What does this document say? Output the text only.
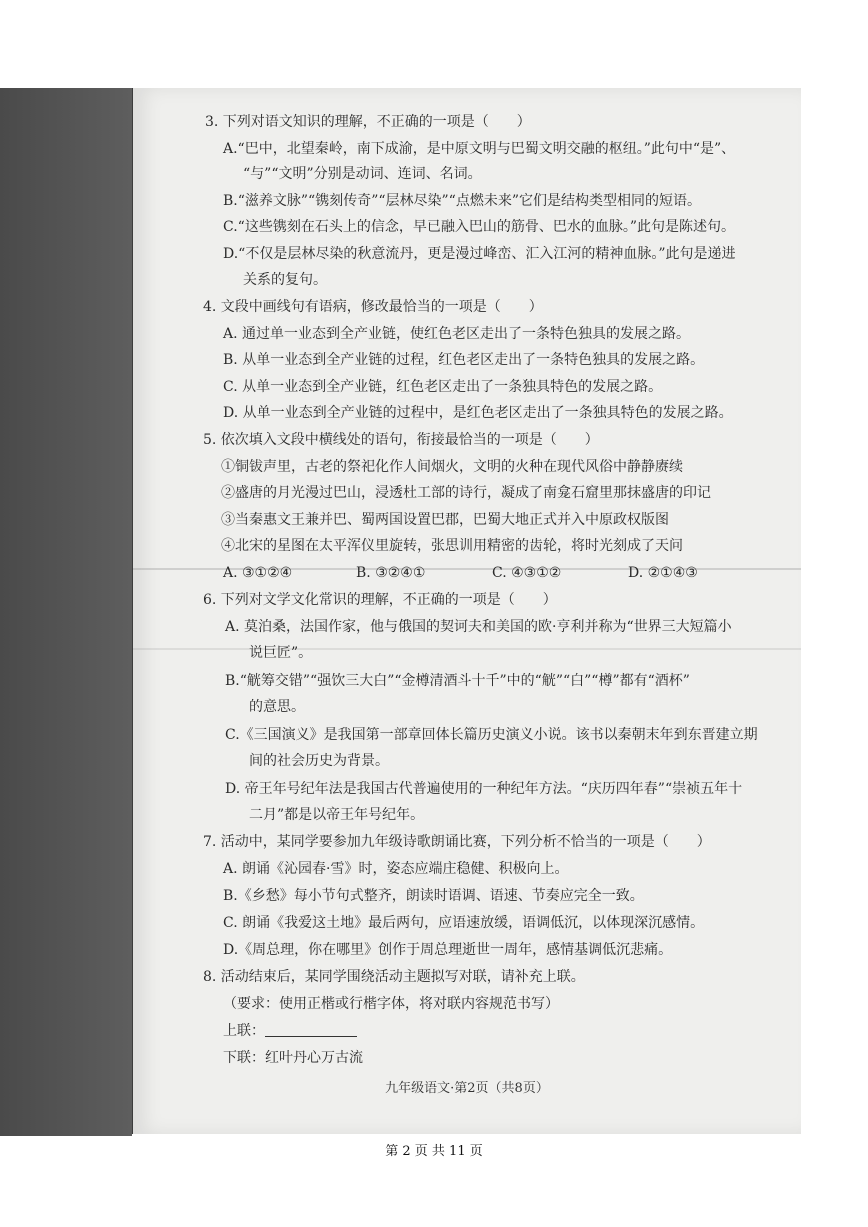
3. 下列对语文知识的理解，不正确的一项是（　　）
A.“巴中，北望秦岭，南下成渝，是中原文明与巴蜀文明交融的枢纽。”此句中“是”、
“与”“文明”分别是动词、连词、名词。
B.“滋养文脉”“镌刻传奇”“层林尽染”“点燃未来”它们是结构类型相同的短语。
C.“这些镌刻在石头上的信念，早已融入巴山的筋骨、巴水的血脉。”此句是陈述句。
D.“不仅是层林尽染的秋意流丹，更是漫过峰峦、汇入江河的精神血脉。”此句是递进
关系的复句。
4. 文段中画线句有语病，修改最恰当的一项是（　　）
A. 通过单一业态到全产业链，使红色老区走出了一条特色独具的发展之路。
B. 从单一业态到全产业链的过程，红色老区走出了一条特色独具的发展之路。
C. 从单一业态到全产业链，红色老区走出了一条独具特色的发展之路。
D. 从单一业态到全产业链的过程中，是红色老区走出了一条独具特色的发展之路。
5. 依次填入文段中横线处的语句，衔接最恰当的一项是（　　）
①铜钹声里，古老的祭祀化作人间烟火，文明的火种在现代风俗中静静赓续
②盛唐的月光漫过巴山，浸透杜工部的诗行，凝成了南龛石窟里那抹盛唐的印记
③当秦惠文王兼并巴、蜀两国设置巴郡，巴蜀大地正式并入中原政权版图
④北宋的星图在太平浑仪里旋转，张思训用精密的齿轮，将时光刻成了天问
A. ③①②④	B. ③②④①	C. ④③①②	D. ②①④③
6. 下列对文学文化常识的理解，不正确的一项是（　　）
A. 莫泊桑，法国作家，他与俄国的契诃夫和美国的欧·亨利并称为“世界三大短篇小
说巨匠”。
B.“觥筹交错”“强饮三大白”“金樽清酒斗十千”中的“觥”“白”“樽”都有“酒杯”
的意思。
C.《三国演义》是我国第一部章回体长篇历史演义小说。该书以秦朝末年到东晋建立期
间的社会历史为背景。
D. 帝王年号纪年法是我国古代普遍使用的一种纪年方法。“庆历四年春”“崇祯五年十
二月”都是以帝王年号纪年。
7. 活动中，某同学要参加九年级诗歌朗诵比赛，下列分析不恰当的一项是（　　）
A. 朗诵《沁园春·雪》时，姿态应端庄稳健、积极向上。
B.《乡愁》每小节句式整齐，朗读时语调、语速、节奏应完全一致。
C. 朗诵《我爱这土地》最后两句，应语速放缓，语调低沉，以体现深沉感情。
D.《周总理，你在哪里》创作于周总理逝世一周年，感情基调低沉悲痛。
8. 活动结束后，某同学围绕活动主题拟写对联，请补充上联。
（要求：使用正楷或行楷字体，将对联内容规范书写）
上联：
下联：红叶丹心万古流
九年级语文·第2页（共8页）
第 2 页 共 11 页
